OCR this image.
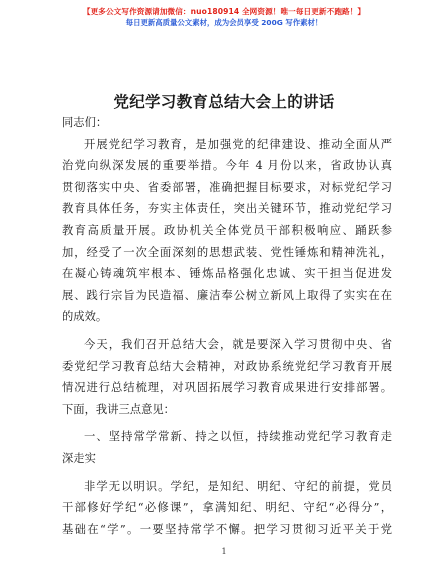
【更多公文写作资源请加微信：nuo180914 全网资源！唯一每日更新不跑路！】
每日更新高质量公文素材，成为会员享受 200G 写作素材！
党纪学习教育总结大会上的讲话
同志们：
开展党纪学习教育，是加强党的纪律建设、推动全面从严
治党向纵深发展的重要举措。今年 4 月份以来，省政协认真
贯彻落实中央、省委部署，准确把握目标要求，对标党纪学习
教育具体任务，夯实主体责任，突出关键环节，推动党纪学习
教育高质量开展。政协机关全体党员干部积极响应、踊跃参
加，经受了一次全面深刻的思想武装、党性锤炼和精神洗礼，
在凝心铸魂筑牢根本、锤炼品格强化忠诚、实干担当促进发
展、践行宗旨为民造福、廉洁奉公树立新风上取得了实实在在
的成效。
今天，我们召开总结大会，就是要深入学习贯彻中央、省
委党纪学习教育总结大会精神，对政协系统党纪学习教育开展
情况进行总结梳理，对巩固拓展学习教育成果进行安排部署。
下面，我讲三点意见：
一、坚持常学常新、持之以恒，持续推动党纪学习教育走
深走实
非学无以明识。学纪，是知纪、明纪、守纪的前提，党员
干部修好学纪“必修课”，拿满知纪、明纪、守纪“必得分”，
基础在“学”。一要坚持常学不懈。把学习贯彻习近平关于党
1
